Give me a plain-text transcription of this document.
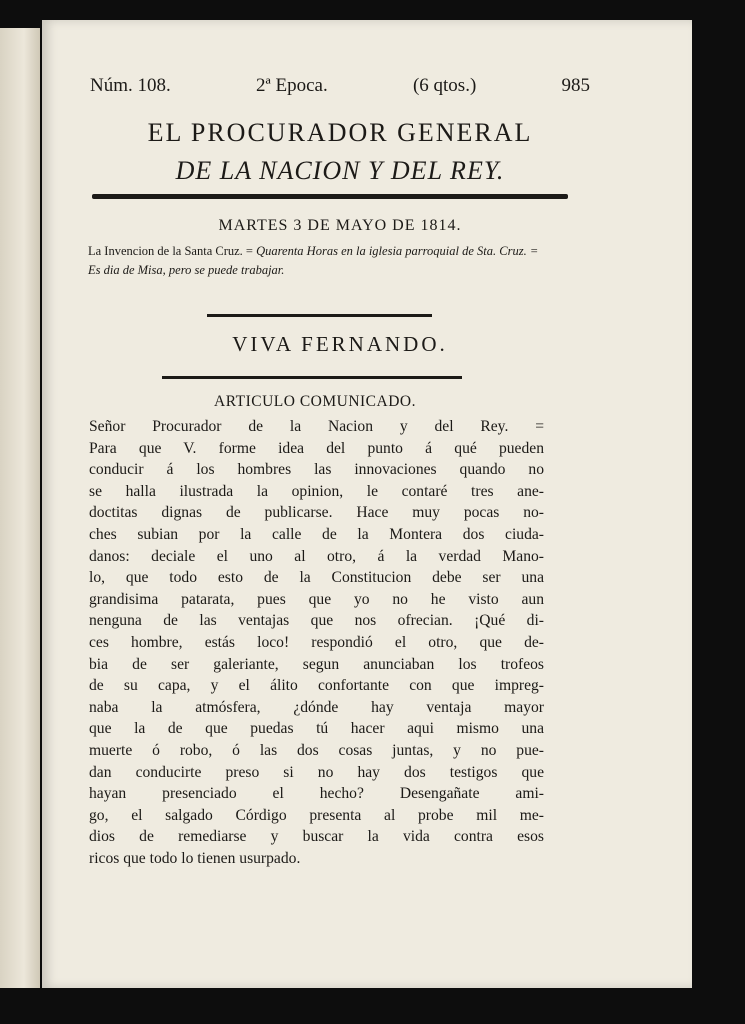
Núm. 108.	2ª Epoca.	(6 qtos.)	985
EL PROCURADOR GENERAL
DE LA NACION Y DEL REY.
MARTES 3 DE MAYO DE 1814.
La Invencion de la Santa Cruz. = Quarenta Horas en la iglesia parroquial de Sta. Cruz. = Es dia de Misa, pero se puede trabajar.
VIVA FERNANDO.
ARTICULO COMUNICADO.
Señor Procurador de la Nacion y del Rey. =
Para que V. forme idea del punto á qué pueden
conducir á los hombres las innovaciones quando no
se halla ilustrada la opinion, le contaré tres ane-
doctitas dignas de publicarse. Hace muy pocas no-
ches subian por la calle de la Montera dos ciuda-
danos: deciale el uno al otro, á la verdad Mano-
lo, que todo esto de la Constitucion debe ser una
grandisima patarata, pues que yo no he visto aun
nenguna de las ventajas que nos ofrecian. ¡Qué di-
ces hombre, estás loco! respondió el otro, que de-
bia de ser galeriante, segun anunciaban los trofeos
de su capa, y el álito confortante con que impreg-
naba la atmósfera, ¿dónde hay ventaja mayor
que la de que puedas tú hacer aqui mismo una
muerte ó robo, ó las dos cosas juntas, y no pue-
dan conducirte preso si no hay dos testigos que
hayan presenciado el hecho? Desengañate ami-
go, el salgado Córdigo presenta al probe mil me-
dios de remediarse y buscar la vida contra esos
ricos que todo lo tienen usurpado.
